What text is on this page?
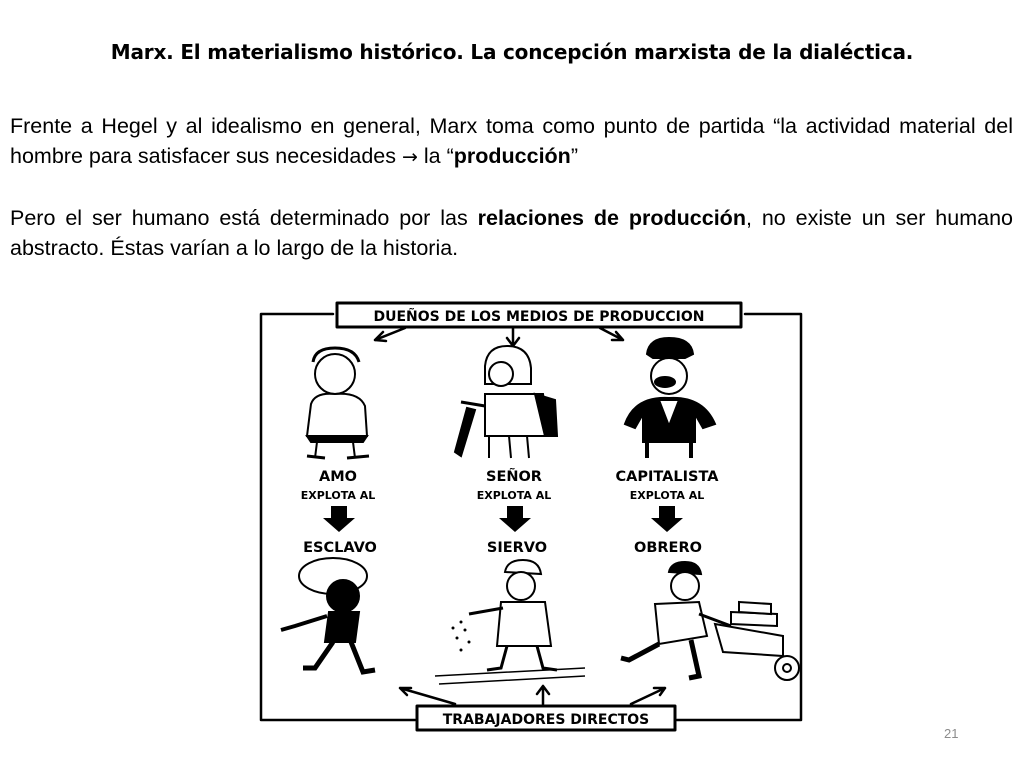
Marx. El materialismo histórico. La concepción marxista de la dialéctica.

Frente a Hegel y al idealismo en general, Marx toma como punto de partida “la actividad material del hombre para satisfacer sus necesidades → la “producción”

Pero el ser humano está determinado por las relaciones de producción, no existe un ser humano abstracto. Éstas varían a lo largo de la historia.

AMO	SEÑOR	CAPITALISTA
EXPLOTA AL	EXPLOTA AL	EXPLOTA AL
ESCLAVO	SIERVO	OBRERO
DUEÑOS DE LOS MEDIOS DE PRODUCCION
TRABAJADORES DIRECTOS
21
